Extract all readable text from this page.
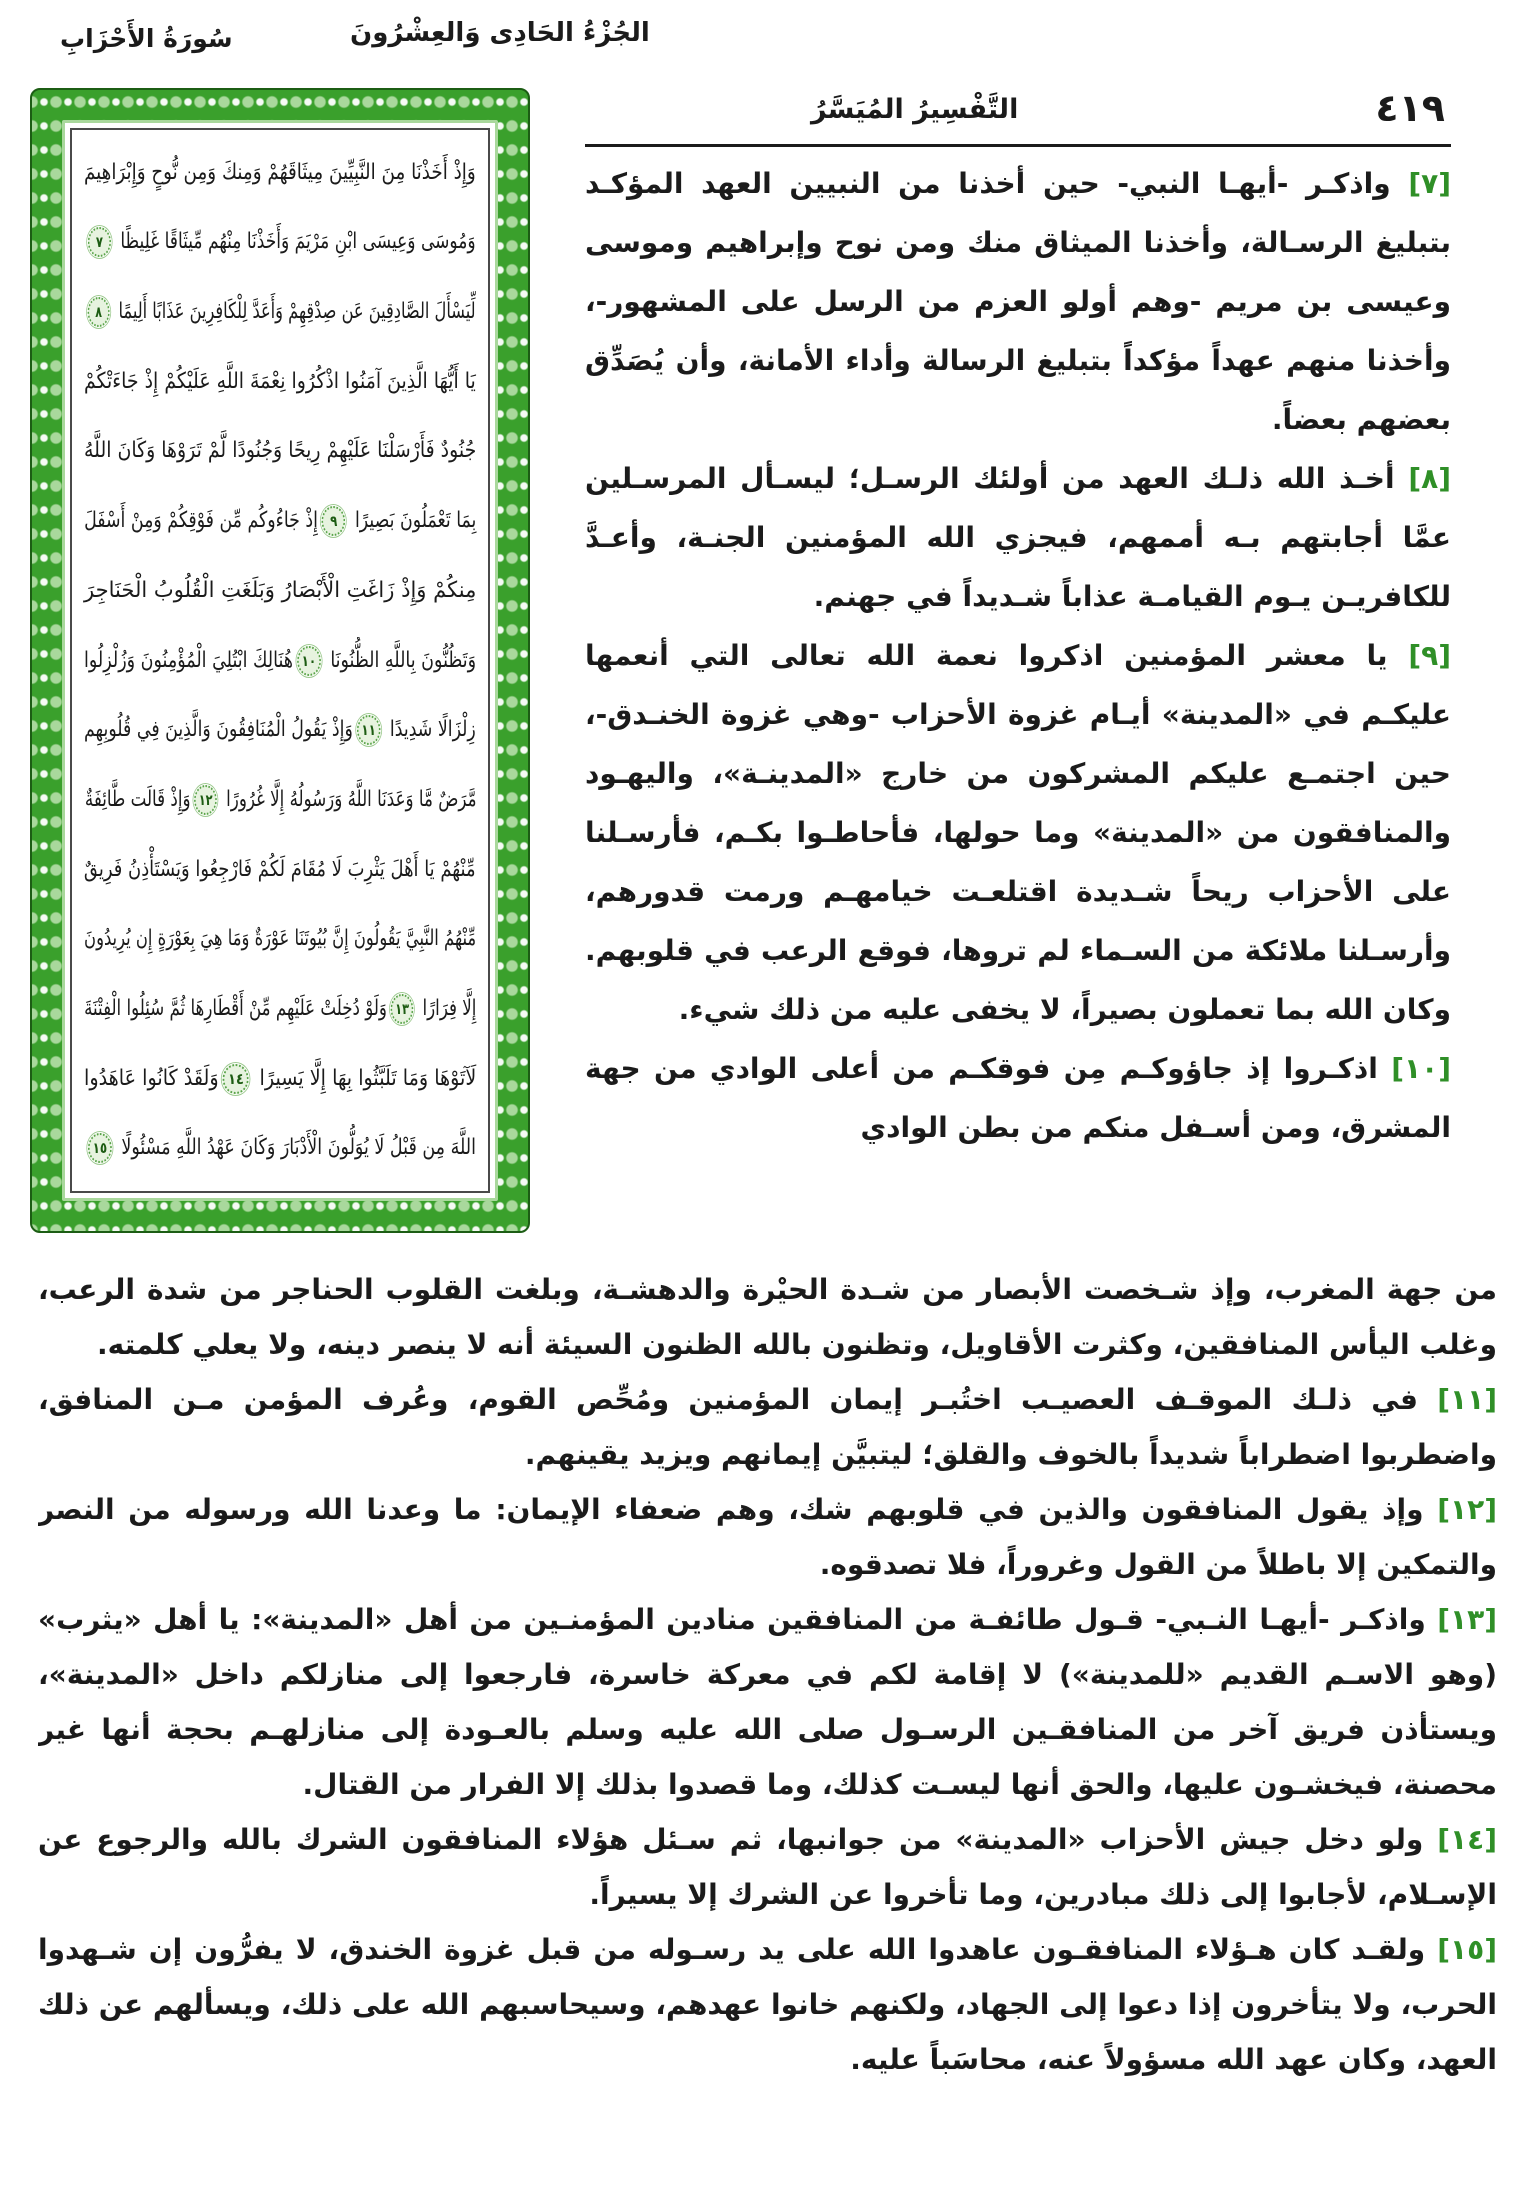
سُورَةُ الأَحْزَابِ	الجُزْءُ الحَادِى وَالعِشْرُونَ
وَإِذْ أَخَذْنَا مِنَ النَّبِيِّينَ مِيثَاقَهُمْ وَمِنكَ وَمِن نُّوحٍ وَإِبْرَاهِيمَ
وَمُوسَى وَعِيسَى ابْنِ مَرْيَمَ وَأَخَذْنَا مِنْهُم مِّيثَاقًا غَلِيظًا ٧
لِّيَسْأَلَ الصَّادِقِينَ عَن صِدْقِهِمْ وَأَعَدَّ لِلْكَافِرِينَ عَذَابًا أَلِيمًا ٨
يَا أَيُّهَا الَّذِينَ آمَنُوا اذْكُرُوا نِعْمَةَ اللَّهِ عَلَيْكُمْ إِذْ جَاءَتْكُمْ
جُنُودٌ فَأَرْسَلْنَا عَلَيْهِمْ رِيحًا وَجُنُودًا لَّمْ تَرَوْهَا وَكَانَ اللَّهُ
بِمَا تَعْمَلُونَ بَصِيرًا ٩إِذْ جَاءُوكُم مِّن فَوْقِكُمْ وَمِنْ أَسْفَلَ
مِنكُمْ وَإِذْ زَاغَتِ الْأَبْصَارُ وَبَلَغَتِ الْقُلُوبُ الْحَنَاجِرَ
وَتَظُنُّونَ بِاللَّهِ الظُّنُونَا ١٠هُنَالِكَ ابْتُلِيَ الْمُؤْمِنُونَ وَزُلْزِلُوا
زِلْزَالًا شَدِيدًا ١١وَإِذْ يَقُولُ الْمُنَافِقُونَ وَالَّذِينَ فِي قُلُوبِهِم
مَّرَضٌ مَّا وَعَدَنَا اللَّهُ وَرَسُولُهُ إِلَّا غُرُورًا ١٢وَإِذْ قَالَت طَّائِفَةٌ
مِّنْهُمْ يَا أَهْلَ يَثْرِبَ لَا مُقَامَ لَكُمْ فَارْجِعُوا وَيَسْتَأْذِنُ فَرِيقٌ
مِّنْهُمُ النَّبِيَّ يَقُولُونَ إِنَّ بُيُوتَنَا عَوْرَةٌ وَمَا هِيَ بِعَوْرَةٍ إِن يُرِيدُونَ
إِلَّا فِرَارًا ١٣وَلَوْ دُخِلَتْ عَلَيْهِم مِّنْ أَقْطَارِهَا ثُمَّ سُئِلُوا الْفِتْنَةَ
لَآتَوْهَا وَمَا تَلَبَّثُوا بِهَا إِلَّا يَسِيرًا ١٤وَلَقَدْ كَانُوا عَاهَدُوا
اللَّهَ مِن قَبْلُ لَا يُوَلُّونَ الْأَدْبَارَ وَكَانَ عَهْدُ اللَّهِ مَسْئُولًا ١٥
التَّفْسِيرُ المُيَسَّرُ	٤١٩

[٧] واذكـر -أيهـا النبي- حين أخذنا من النبيين العهد المؤكـد بتبليغ الرسـالة، وأخذنا الميثاق منك ومن نوح وإبراهيم وموسى وعيسى بن مريم -وهم أولو العزم من الرسل على المشهور-، وأخذنا منهم عهداً مؤكداً بتبليغ الرسالة وأداء الأمانة، وأن يُصَدِّق بعضهم بعضاً.

[٨] أخـذ الله ذلـك العهد من أولئك الرسـل؛ ليسـأل المرسـلين عمَّا أجابتهم بـه أممهم، فيجزي الله المؤمنين الجنـة، وأعـدَّ للكافريـن يـوم القيامـة عذاباً شـديداً في جهنم.

[٩] يا معشر المؤمنين اذكروا نعمة الله تعالى التي أنعمها عليكـم في «المدينة» أيـام غزوة الأحزاب -وهي غزوة الخنـدق-، حين اجتمـع عليكم المشركون من خارج «المدينـة»، واليهـود والمنافقون من «المدينة» وما حولها، فأحاطـوا بكـم، فأرسـلنا على الأحزاب ريحاً شـديدة اقتلعـت خيامهـم ورمت قدورهم، وأرسـلنا ملائكة من السـماء لم تروها، فوقع الرعب في قلوبهم. وكان الله بما تعملون بصيراً، لا يخفى عليه من ذلك شيء.

[١٠] اذكـروا إذ جاؤوكـم مِن فوقكـم من أعلى الوادي من جهة المشرق، ومن أسـفل منكم من بطن الوادي

من جهة المغرب، وإذ شـخصت الأبصار من شـدة الحيْرة والدهشـة، وبلغت القلوب الحناجر من شدة الرعب، وغلب اليأس المنافقين، وكثرت الأقاويل، وتظنون بالله الظنون السيئة أنه لا ينصر دينه، ولا يعلي كلمته.

[١١] في ذلـك الموقـف العصيـب اختُبـر إيمان المؤمنين ومُحِّص القوم، وعُرف المؤمن مـن المنافق، واضطربوا اضطراباً شديداً بالخوف والقلق؛ ليتبيَّن إيمانهم ويزيد يقينهم.

[١٢] وإذ يقول المنافقون والذين في قلوبهم شك، وهم ضعفاء الإيمان: ما وعدنا الله ورسوله من النصر والتمكين إلا باطلاً من القول وغروراً، فلا تصدقوه.

[١٣] واذكـر -أيهـا النـبي- قـول طائفـة من المنافقين منادين المؤمنـين من أهل «المدينة»: يا أهل «يثرب» (وهو الاسـم القديم «للمدينة») لا إقامة لكم في معركة خاسرة، فارجعوا إلى منازلكم داخل «المدينة»، ويستأذن فريق آخر من المنافقـين الرسـول صلى الله عليه وسلم بالعـودة إلى منازلهـم بحجة أنها غير محصنة، فيخشـون عليها، والحق أنها ليسـت كذلك، وما قصدوا بذلك إلا الفرار من القتال.

[١٤] ولو دخل جيش الأحزاب «المدينة» من جوانبها، ثم سـئل هؤلاء المنافقون الشرك بالله والرجوع عن الإسـلام، لأجابوا إلى ذلك مبادرين، وما تأخروا عن الشرك إلا يسيراً.

[١٥] ولقـد كان هـؤلاء المنافقـون عاهدوا الله على يد رسـوله من قبل غزوة الخندق، لا يفرُّون إن شـهدوا الحرب، ولا يتأخرون إذا دعوا إلى الجهاد، ولكنهم خانوا عهدهم، وسيحاسبهم الله على ذلك، ويسألهم عن ذلك العهد، وكان عهد الله مسؤولاً عنه، محاسَباً عليه.
